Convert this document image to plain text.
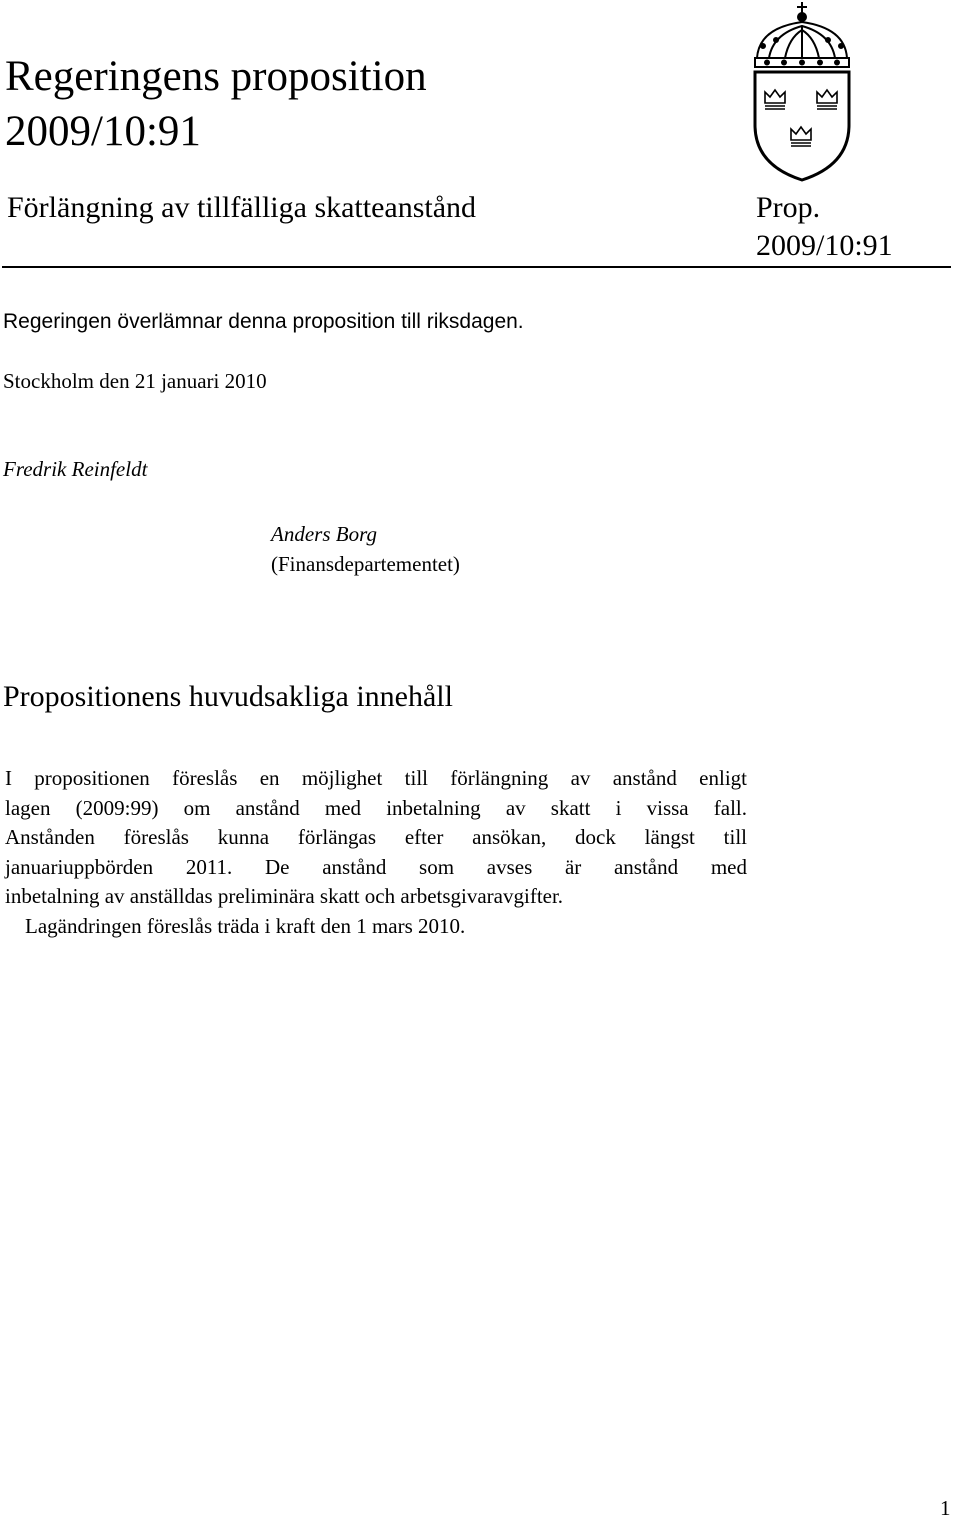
Regeringens proposition
2009/10:91
Förlängning av tillfälliga skatteanstånd	Prop.
2009/10:91
Regeringen överlämnar denna proposition till riksdagen.
Stockholm den 21 januari 2010
Fredrik Reinfeldt
Anders Borg
(Finansdepartementet)
Propositionens huvudsakliga innehåll
I propositionen föreslås en möjlighet till förlängning av anstånd enligt
lagen (2009:99) om anstånd med inbetalning av skatt i vissa fall.
Anstånden föreslås kunna förlängas efter ansökan, dock längst till
januariuppbörden 2011. De anstånd som avses är anstånd med
inbetalning av anställdas preliminära skatt och arbetsgivaravgifter.
Lagändringen föreslås träda i kraft den 1 mars 2010.
1
